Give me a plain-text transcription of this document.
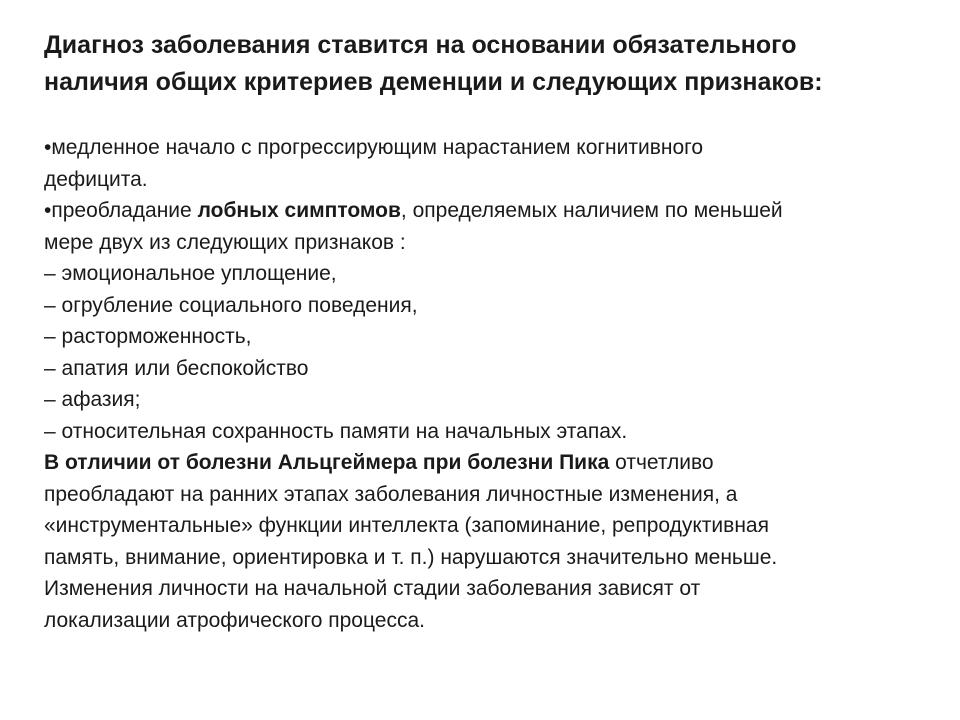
Диагноз заболевания ставится на основании обязательного
наличия общих критериев деменции и следующих признаков:
•медленное начало с прогрессирующим нарастанием когнитивного
дефицита.
•преобладание лобных симптомов, определяемых наличием по меньшей
мере двух из следующих признаков :
– эмоциональное уплощение,
– огрубление социального поведения,
– расторможенность,
– апатия или беспокойство
– афазия;
– относительная сохранность памяти на начальных этапах.
В отличии от болезни Альцгеймера при болезни Пика отчетливо
преобладают на ранних этапах заболевания личностные изменения, а
«инструментальные» функции интеллекта (запоминание, репродуктивная
память, внимание, ориентировка и т. п.) нарушаются значительно меньше.
Изменения личности на начальной стадии заболевания зависят от
локализации атрофического процесса.
